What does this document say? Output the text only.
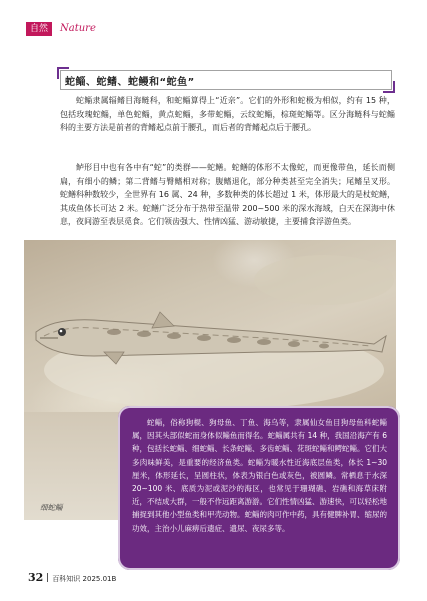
自然	Nature
蛇鲻、蛇鳍、蛇鳗和“蛇鱼”

蛇鲻隶属辐鳍目海鲢科，和蛇鲻算得上“近亲”。它们的外形和蛇极为相似，约有 15 种，包括玫瑰蛇鲻，单色蛇鲻，黄点蛇鲻，多带蛇鲻，云纹蛇鲻，棕斑蛇鲻等。区分海鲢科与蛇鲻科的主要方法是前者的背鳍起点前于腰孔，而后者的背鳍起点后于腰孔。

鲈形目中也有各中有“蛇”的类群——蛇鳝。蛇鳝的体形不太像蛇，而更像带鱼，延长而侧扁，有细小的鳞；第二背鳍与臀鳍相对称；腹鳍退化，部分种类甚至完全消失；尾鳍呈叉形。蛇鳝科种数较少，全世界有 16 属、24 种，多数种类的体长超过 1 米，体形最大的是杖蛇鳝，其成鱼体长可达 2 米。蛇鳝广泛分布于热带至温带 200~500 米的深水海域，白天在深海中休息，夜间游至表层觅食。它们领齿强大、性情凶猛、游动敏捷，主要捕食浮游鱼类。

细蛇鲻

蛇鲻，俗称狗棍、狗母鱼、丁鱼、海乌等，隶属仙女鱼目狗母鱼科蛇鲻属，因其头部似蛇而身体似鲻鱼而得名。蛇鲻属共有 14 种，我国沿海产有 6 种，包括长蛇鲻、细蛇鲻、长条蛇鲻、多齿蛇鲻、花斑蛇鲻和鳄蛇鲻。它们大多肉味鲜美，是重要的经济鱼类。蛇鲻为暖水性近海底层鱼类，体长 1~30 厘米，体形延长，呈圆柱状，体表为银白色或灰色，被圆鳞。常栖息于水深 20~100 米、底质为泥或泥沙的海区，也常见于珊瑚礁、岩礁和海草床附近，不结成大群，一般不作远距离游游。它们性情凶猛、游速快，可以轻松地捕捉到其他小型鱼类和甲壳动物。蛇鲻的肉可作中药，具有健脾补胃、缩尿的功效，主治小儿麻痹后遗症、遗尿、夜尿多等。

32 百科知识 2025.01B
